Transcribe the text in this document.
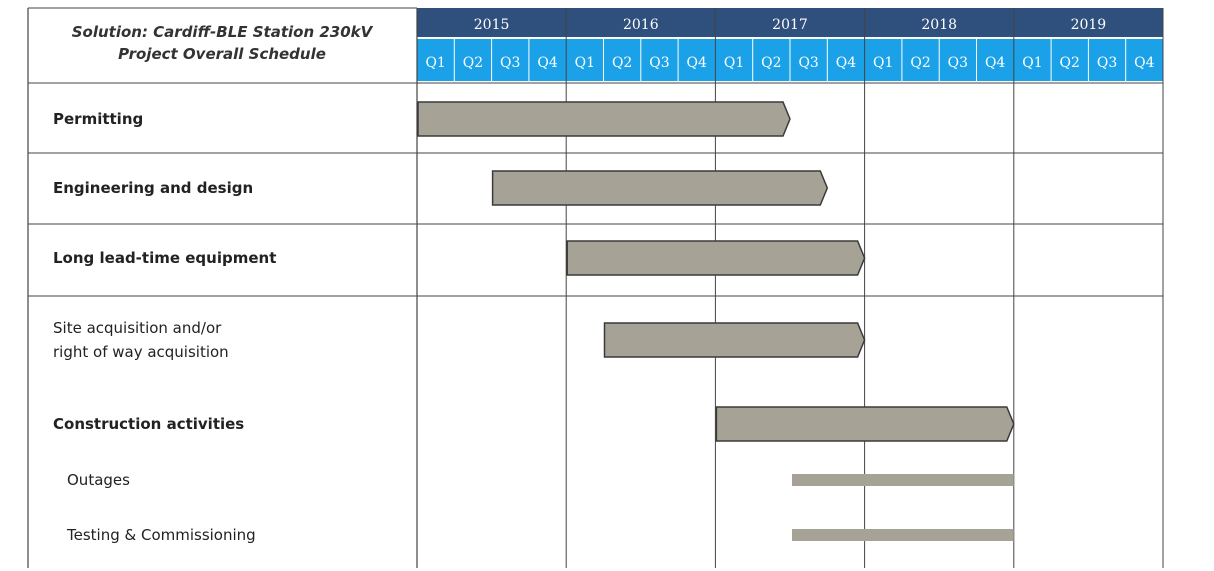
2015
Q1 Q2 Q3 Q4
2016
Q1 Q2 Q3 Q4
2017
Q1 Q2 Q3 Q4
2018
Q1 Q2 Q3 Q4
2019
Q1 Q2 Q3 Q4
Permitting
Engineering and design
Long lead-time equipment
Site acquisition and/or right of way acquisition
Construction activities
Outages
Testing & Commissioning
Solution: Cardiff-BLE Station 230kV
Project Overall Schedule
